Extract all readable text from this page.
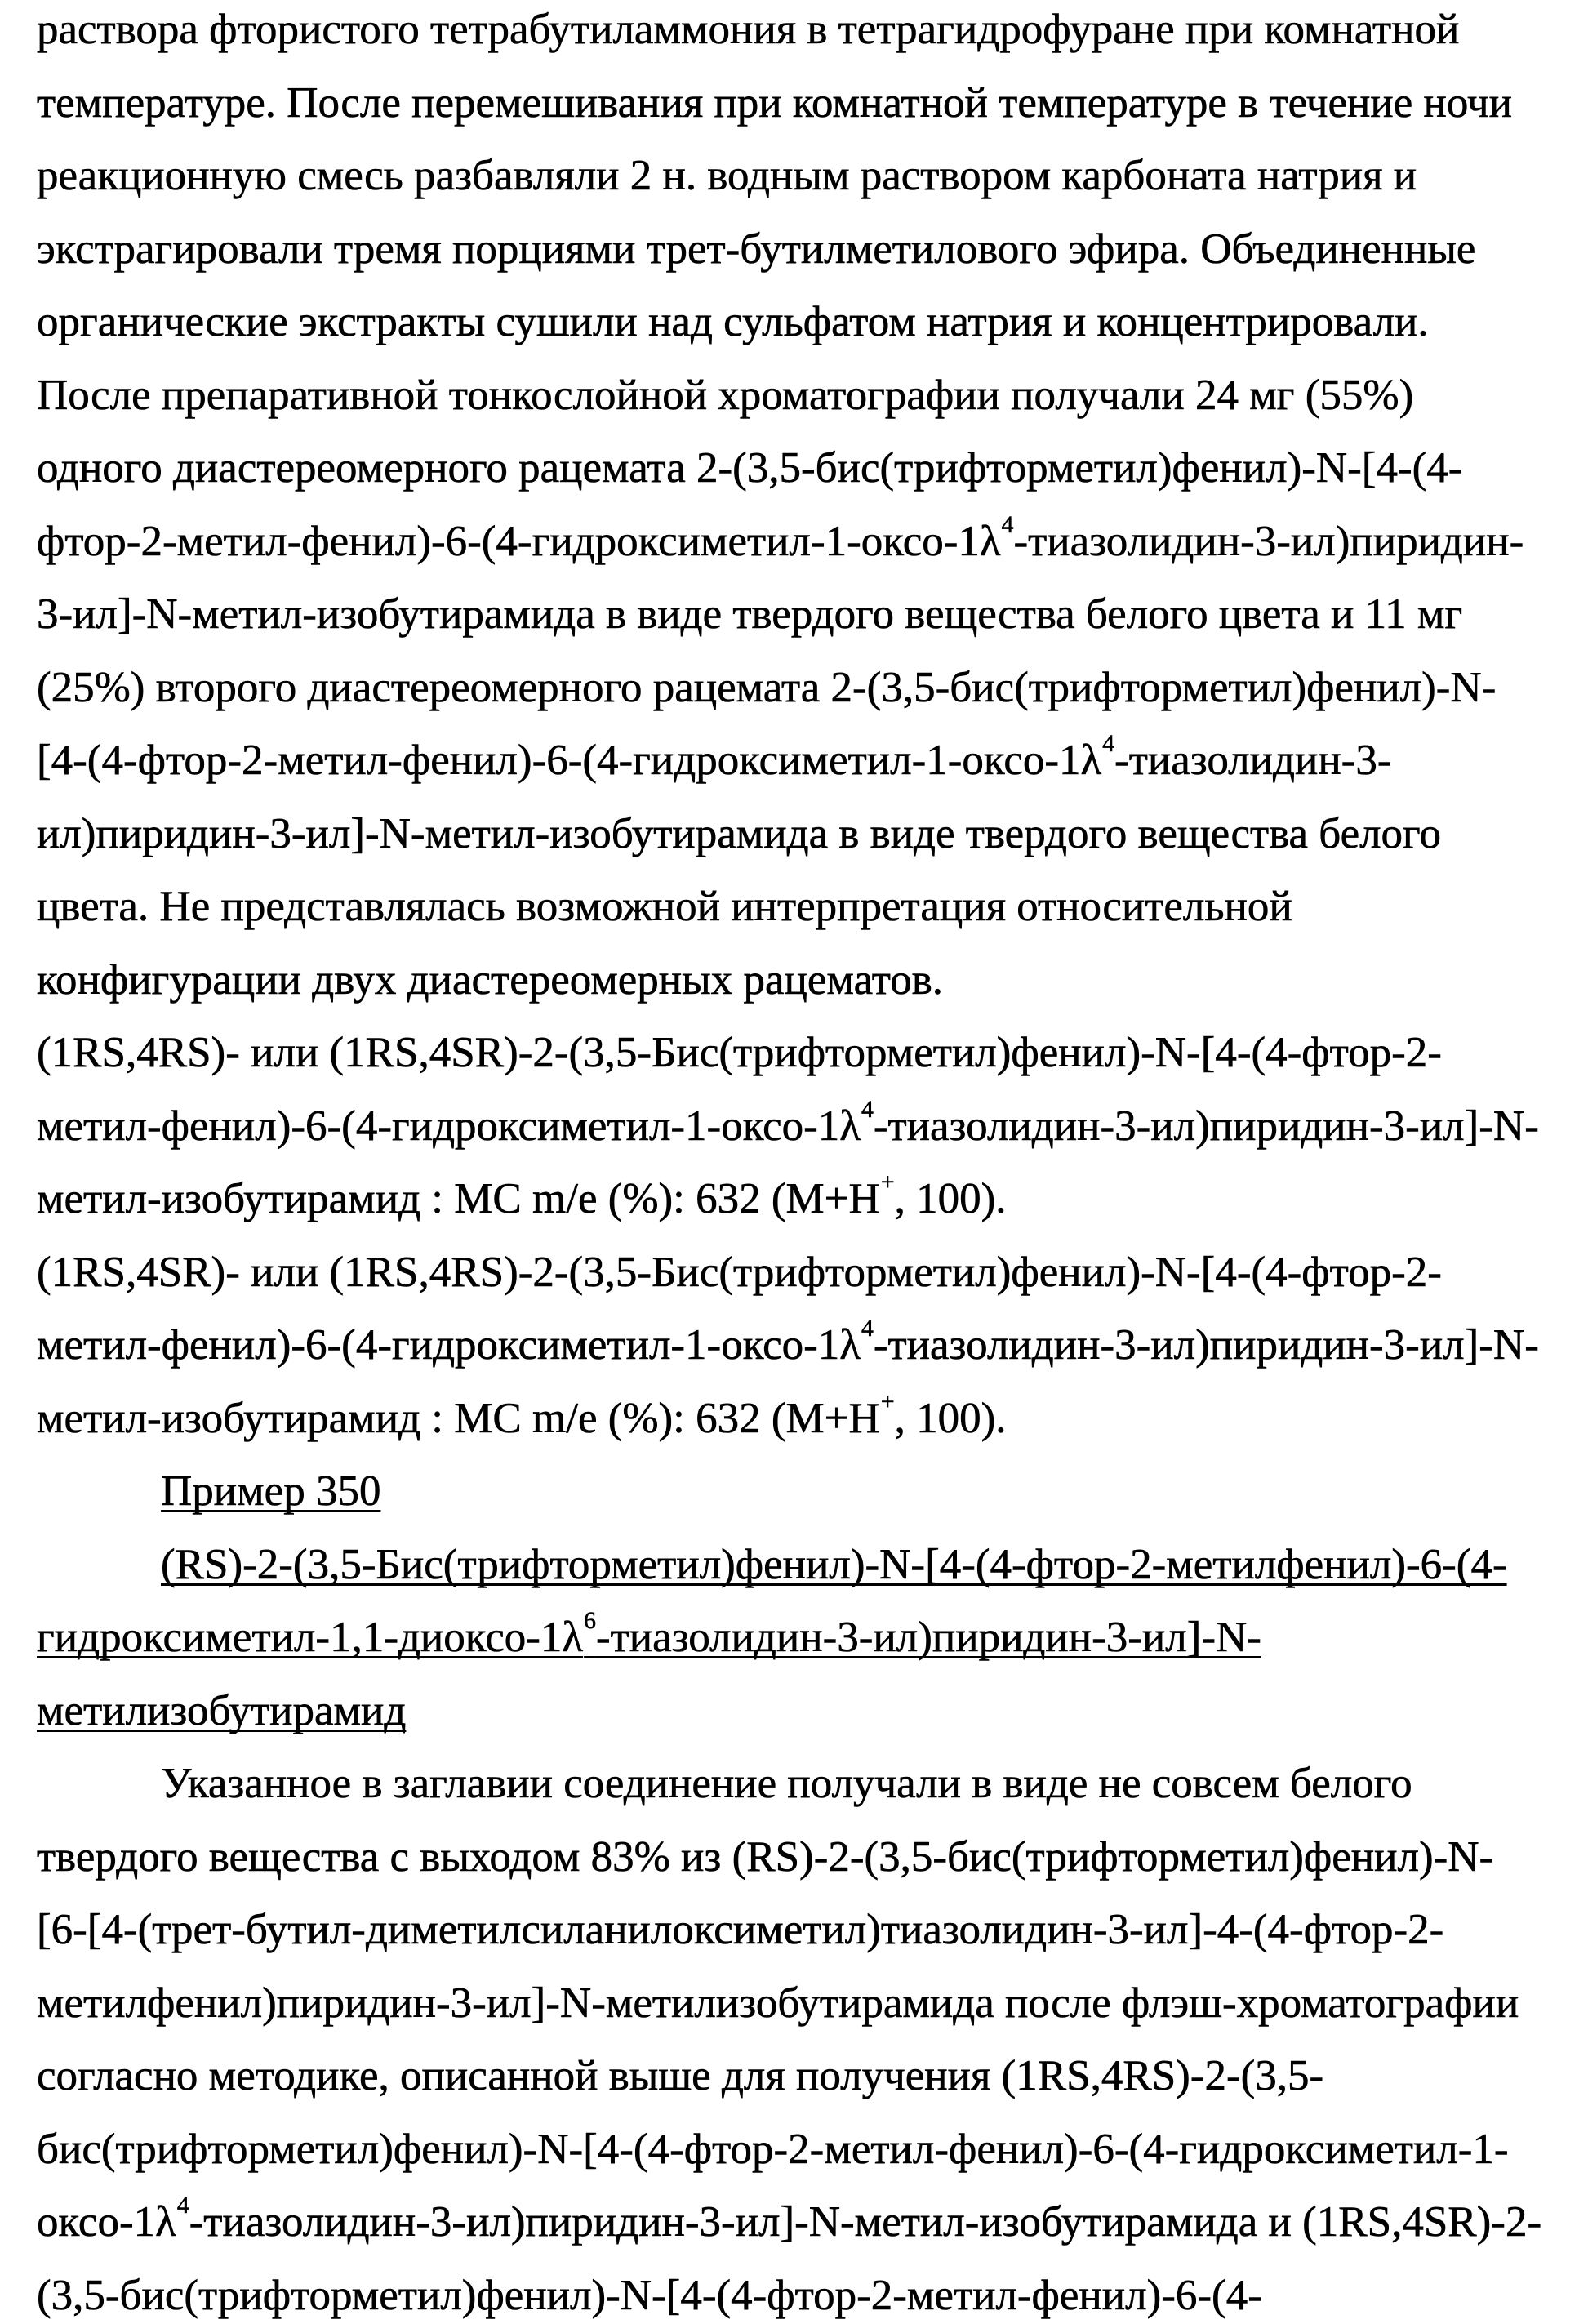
раствора фтористого тетрабутиламмония в тетрагидрофуране при комнатной
температуре. После перемешивания при комнатной температуре в течение ночи
реакционную смесь разбавляли 2 н. водным раствором карбоната натрия и
экстрагировали тремя порциями трет-бутилметилового эфира. Объединенные
органические экстракты сушили над сульфатом натрия и концентрировали.
После препаративной тонкослойной хроматографии получали 24 мг (55%)
одного диастереомерного рацемата 2-(3,5-бис(трифторметил)фенил)-N-[4-(4-
фтор-$2-метил-фенил)-6-(4-гидроксиметил-1-оксо-1\lambda^4-тиазолидин-3-ил)пиридин-$
3-ил]-N-метил-изобутирамида в виде твердого вещества белого цвета и 11 мг
(25%) второго диастереомерного рацемата 2-(3,5-бис(трифторметил)фенил)-N-
[$4-(4-фтор-2-метил-фенил)-6-(4-гидроксиметил-1-оксо-1\lambda^4-тиазолидин-3-$
ил)пиридин-3-ил]-N-метил-изобутирамида в виде твердого вещества белого
цвета. Не представлялась возможной интерпретация относительной
конфигурации двух диастереомерных рацематов.
(1RS,4RS)- или (1RS,4SR)-2-(3,5-Бис(трифторметил)фенил)-N-[4-(4-фтор-2-
метил-$фенил)-6-(4-гидроксиметил-1-оксо-1\lambda^4-тиазолидин-3-ил)пиридин-3-ил]-N-$
метил-изобутирамид : МС m/e (%): 632 (M+H+, 100).
(1RS,4SR)- или (1RS,4RS)-2-(3,5-Бис(трифторметил)фенил)-N-[4-(4-фтор-2-
метил-$фенил)-6-(4-гидроксиметил-1-оксо-1\lambda^4-тиазолидин-3-ил)пиридин-3-ил]-N-$
метил-изобутирамид : МС m/e (%): 632 (M+H+, 100).
Пример 350
(RS)-2-(3,5-Бис(трифторметил)фенил)-N-[4-(4-фтор-2-метилфенил)-6-(4-
гидроксиметил-$1,1-диоксо-1\lambda^6-тиазолидин-3-ил)пиридин-3-ил]-N-$
метилизобутирамид
Указанное в заглавии соединение получали в виде не совсем белого
твердого вещества с выходом 83% из (RS)-2-(3,5-бис(трифторметил)фенил)-N-
[6-[4-(трет-бутил-диметилсиланилоксиметил)тиазолидин-3-ил]-4-(4-фтор-2-
метилфенил)пиридин-3-ил]-N-метилизобутирамида после флэш-хроматографии
согласно методике, описанной выше для получения (1RS,4RS)-2-(3,5-
бис(трифторметил)фенил)-N-[4-(4-фтор-2-метил-фенил)-6-(4-гидроксиметил-1-
оксо-$1\lambda^4-тиазолидин-3-ил)пиридин-3-ил]-N-метил$-изобутирамида и (1RS,4SR)-2-
(3,5-бис(трифторметил)фенил)-N-[4-(4-фтор-2-метил-фенил)-6-(4-
